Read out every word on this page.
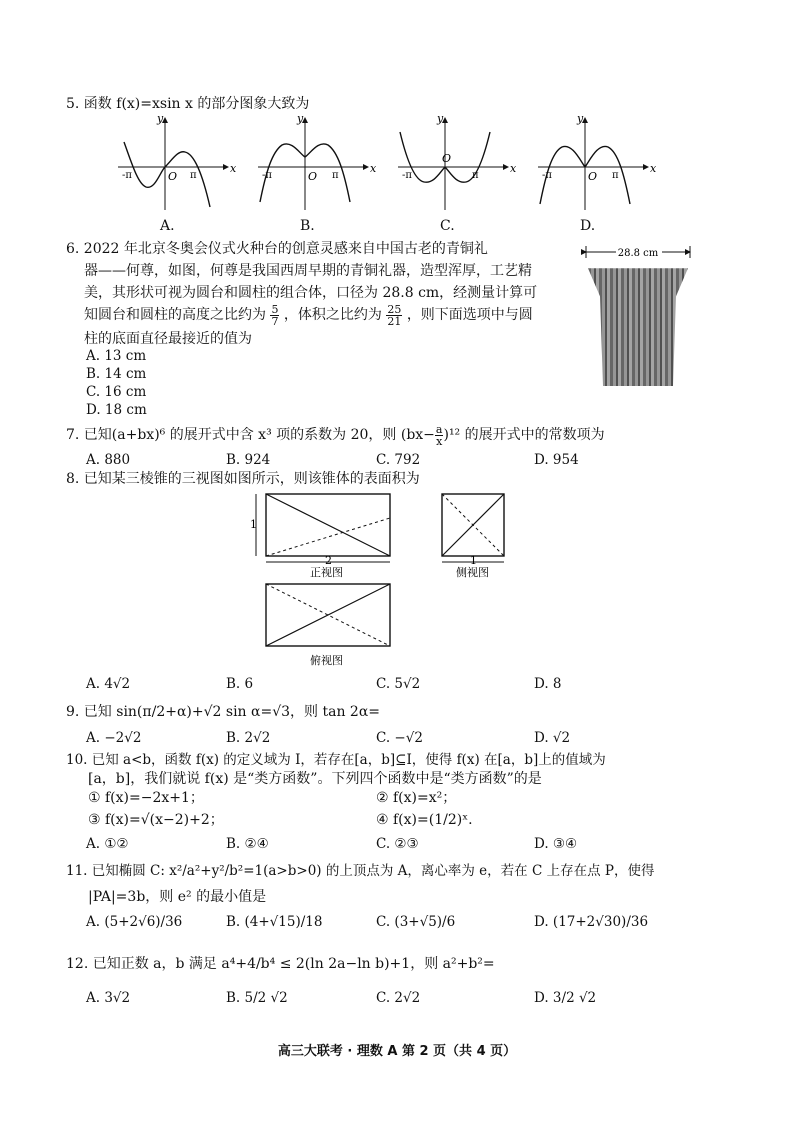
5. 函数 f(x)=xsin x 的部分图象大致为
x
y
O
-π	π
x
y
O
-π	π
x
y
O
-π	π
x
y
O
-π	π
A.	B.	C.	D.
6. 2022 年北京冬奥会仪式火种台的创意灵感来自中国古老的青铜礼
器——何尊，如图，何尊是我国西周早期的青铜礼器，造型浑厚，工艺精
美，其形状可视为圆台和圆柱的组合体，口径为 28.8 cm，经测量计算可
知圆台和圆柱的高度之比约为 $\frac{5}{7}$ ，体积之比约为 $\frac{25}{21}$ ，则下面选项中与圆
柱的底面直径最接近的值为
A. 13 cm
B. 14 cm
C. 16 cm
D. 18 cm
28.8 cm
7. 已知(a+bx)⁶ 的展开式中含 x³ 项的系数为 20，则 $(bx- \frac{a}{x} )^{12}$ 的展开式中的常数项为
A. 880	B. 924	C. 792	D. 954
8. 已知某三棱锥的三视图如图所示，则该锥体的表面积为
1
2
正视图
1
侧视图
俯视图
A. 4√2	B. 6	C. 5√2	D. 8
9. 已知 sin(π/2+α)+√2 sin α=√3，则 tan 2α=
A. −2√2	B. 2√2	C. −√2	D. √2
10. 已知 a<b，函数 f(x) 的定义域为 I，若存在[a，b]⊆I，使得 f(x) 在[a，b]上的值域为
[a，b]，我们就说 f(x) 是“类方函数”。下列四个函数中是“类方函数”的是
① f(x)=−2x+1；	② f(x)=x²；
③ f(x)=√(x−2)+2；	④ f(x)=(1/2)ˣ.
A. ①②	B. ②④	C. ②③	D. ③④
11. 已知椭圆 C: x²/a²+y²/b²=1(a>b>0) 的上顶点为 A，离心率为 e，若在 C 上存在点 P，使得
|PA|=3b，则 e² 的最小值是
A. (5+2√6)/36	B. (4+√15)/18	C. (3+√5)/6	D. (17+2√30)/36
12. 已知正数 a，b 满足 a⁴+4/b⁴ ≤ 2(ln 2a−ln b)+1，则 a²+b²=
A. 3√2	B. 5/2 √2	C. 2√2	D. 3/2 √2
高三大联考 · 理数 A 第 2 页（共 4 页）
